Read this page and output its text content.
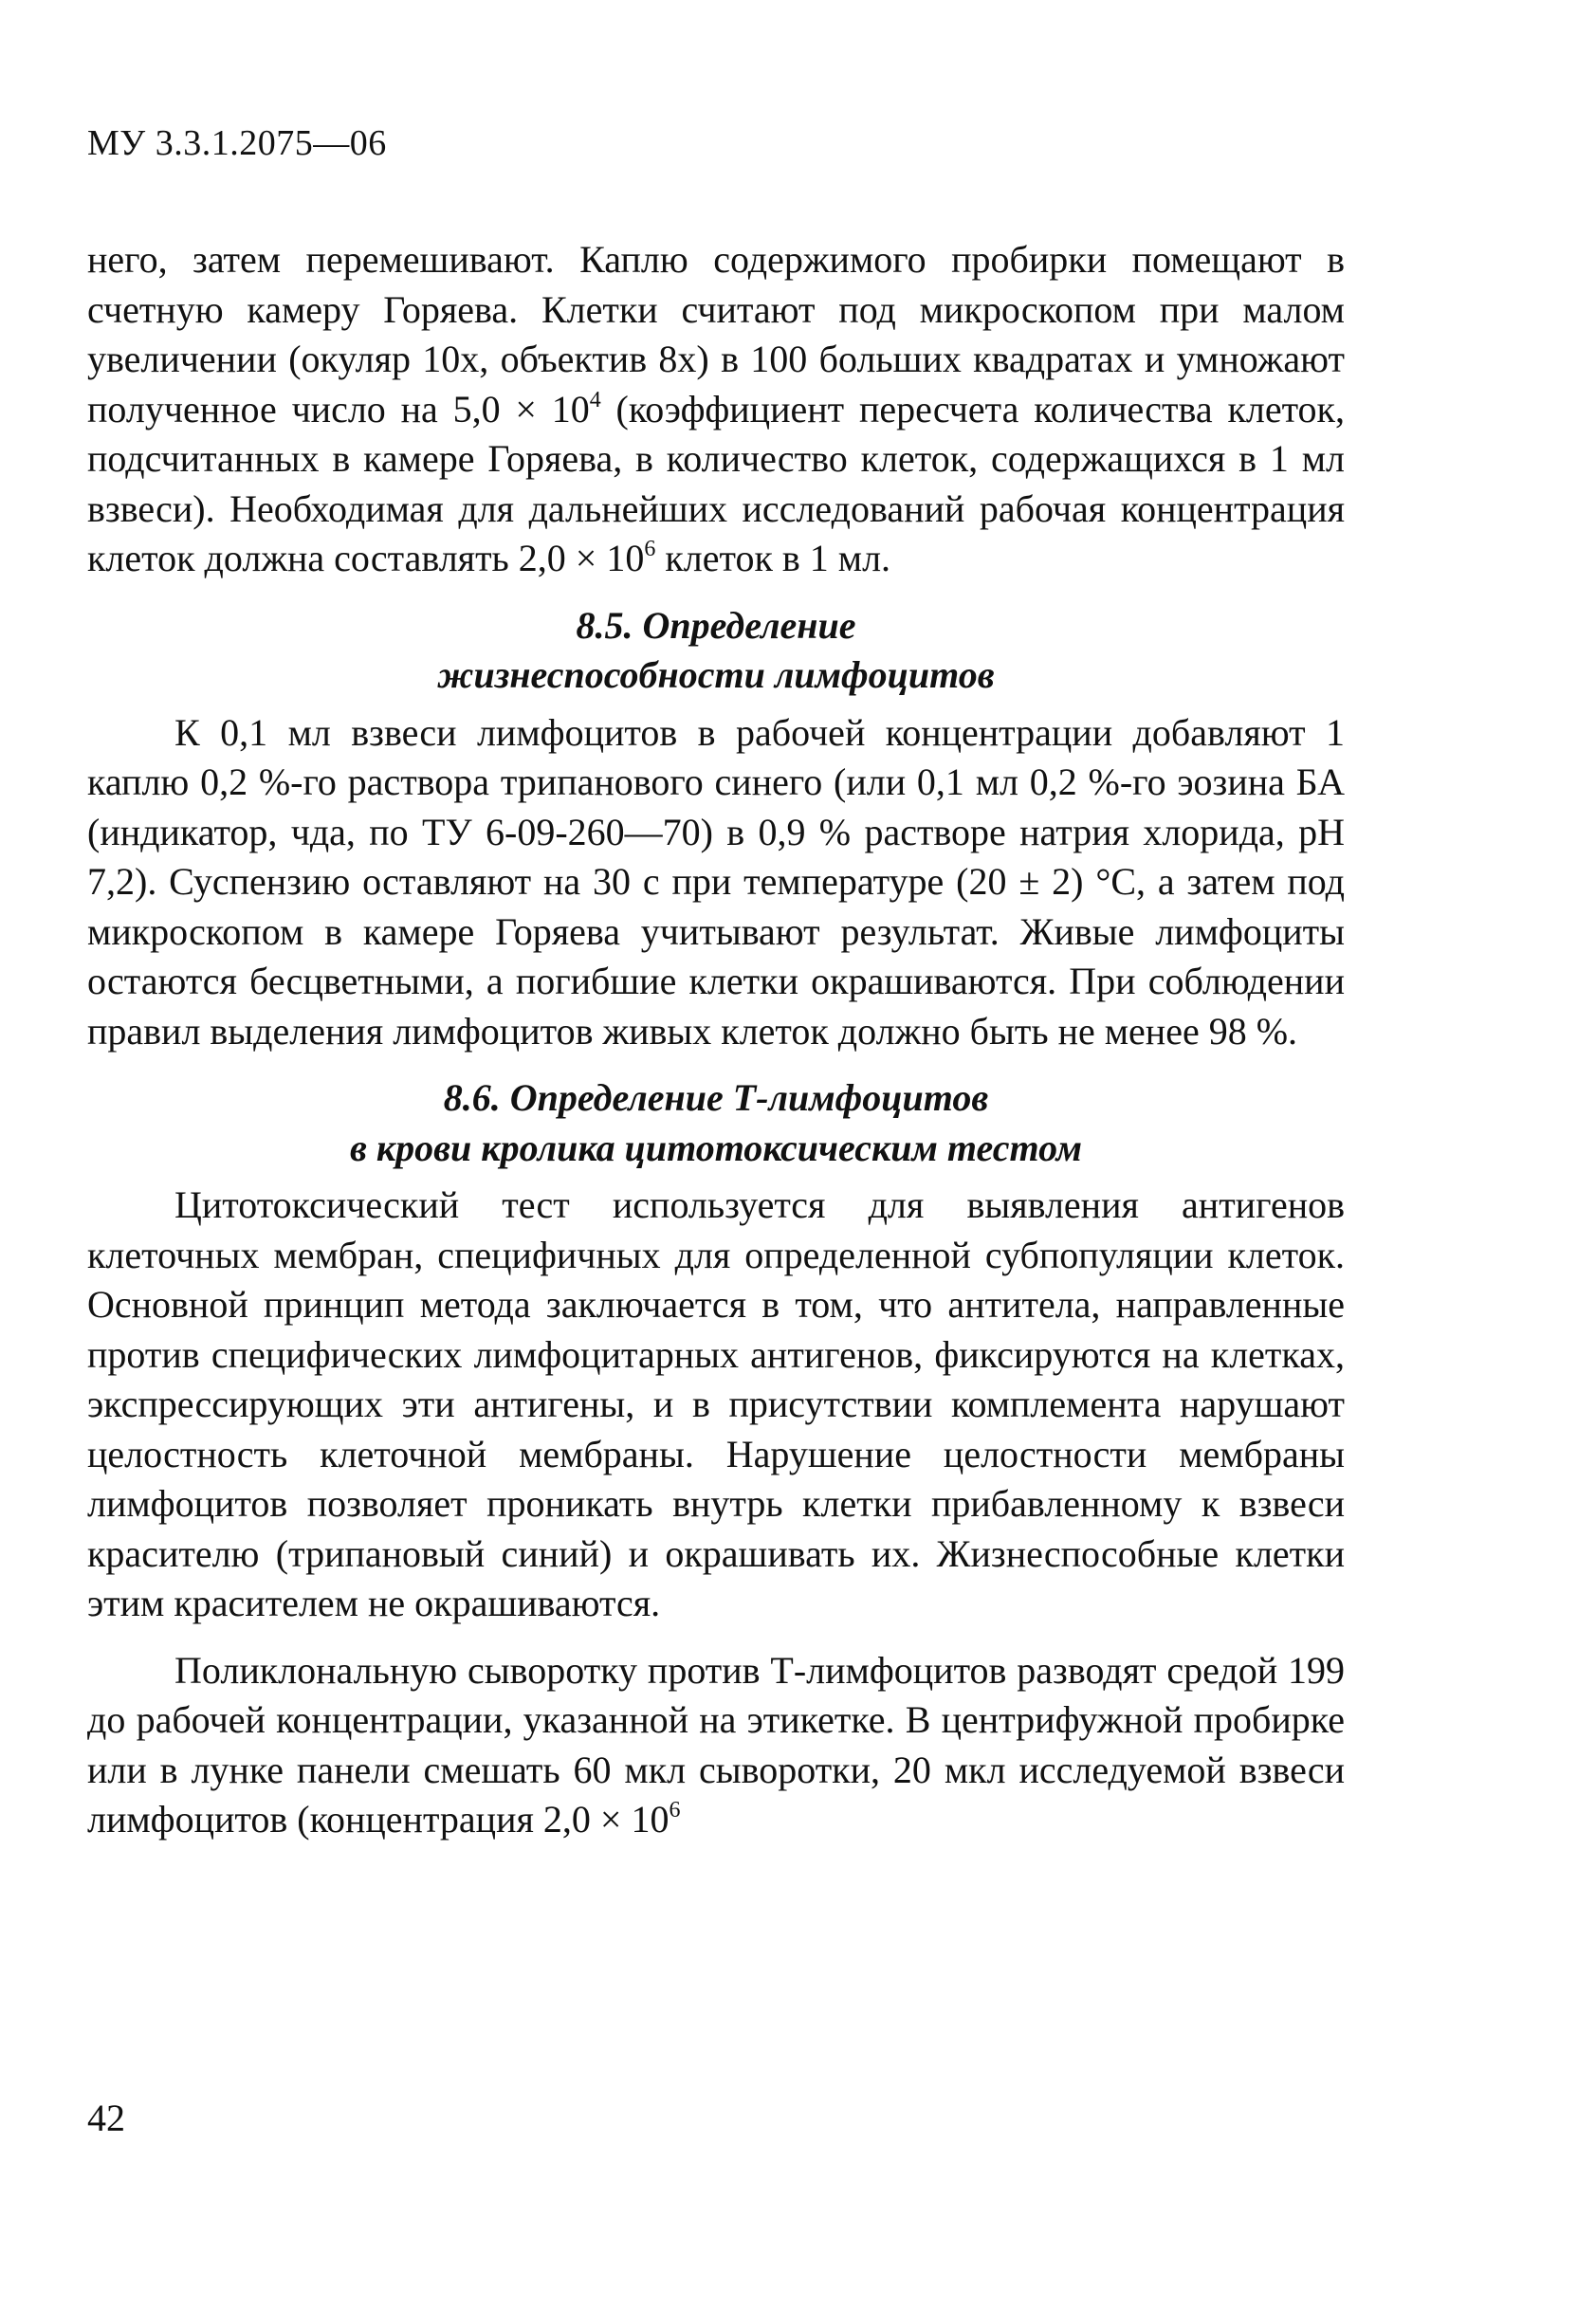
МУ 3.3.1.2075—06

него, затем перемешивают. Каплю содержимого пробирки помещают в счетную камеру Горяева. Клетки считают под микроскопом при малом увеличении (окуляр 10х, объектив 8х) в 100 больших квадратах и умножают полученное число на $5,0 \times 10^4$ (коэффициент пересчета количества клеток, подсчитанных в камере Горяева, в количество клеток, содержащихся в 1 мл взвеси). Необходимая для дальнейших исследований рабочая концентрация клеток должна составлять $2,0 \times 10^6$ клеток в 1 мл.

8.5. Определение
жизнеспособности лимфоцитов

К 0,1 мл взвеси лимфоцитов в рабочей концентрации добавляют 1 каплю 0,2 %-го раствора трипанового синего (или 0,1 мл 0,2 %-го эозина БА (индикатор, чда, по ТУ 6-09-260—70) в 0,9 % растворе натрия хлорида, рН 7,2). Суспензию оставляют на 30 с при температуре (20 ± 2) °С, а затем под микроскопом в камере Горяева учитывают результат. Живые лимфоциты остаются бесцветными, а погибшие клетки окрашиваются. При соблюдении правил выделения лимфоцитов живых клеток должно быть не менее 98 %.

8.6. Определение Т-лимфоцитов
в крови кролика цитотоксическим тестом

Цитотоксический тест используется для выявления антигенов клеточных мембран, специфичных для определенной субпопуляции клеток. Основной принцип метода заключается в том, что антитела, направленные против специфических лимфоцитарных антигенов, фиксируются на клетках, экспрессирующих эти антигены, и в присутствии комплемента нарушают целостность клеточной мембраны. Нарушение целостности мембраны лимфоцитов позволяет проникать внутрь клетки прибавленному к взвеси красителю (трипановый синий) и окрашивать их. Жизнеспособные клетки этим красителем не окрашиваются.

Поликлональную сыворотку против Т-лимфоцитов разводят средой 199 до рабочей концентрации, указанной на этикетке. В центрифужной пробирке или в лунке панели смешать 60 мкл сыворотки, 20 мкл исследуемой взвеси лимфоцитов (концентрация $2,0 \times 10^6$

42
